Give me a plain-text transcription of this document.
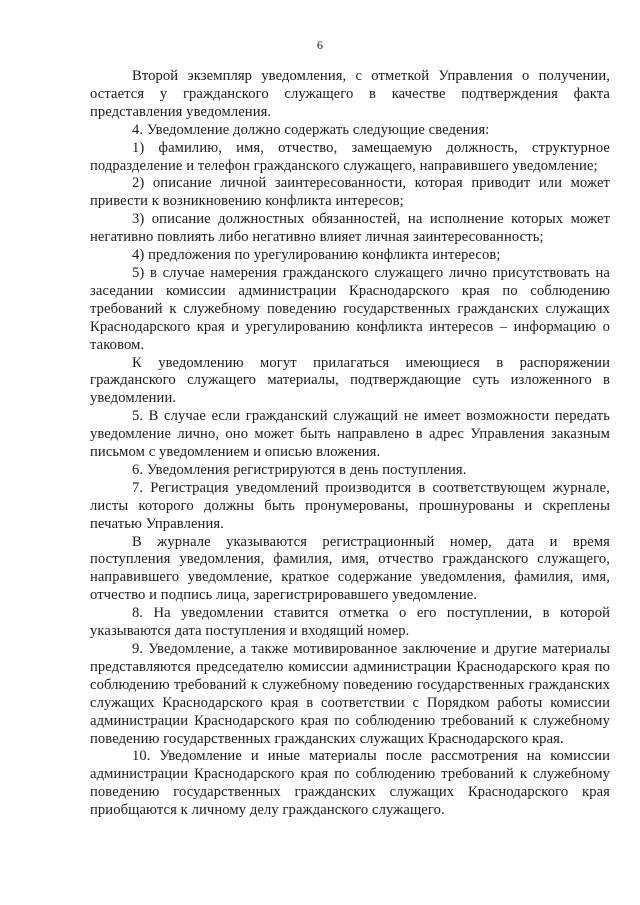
6

Второй экземпляр уведомления, с отметкой Управления о получении, остается у гражданского служащего в качестве подтверждения факта представления уведомления.

4. Уведомление должно содержать следующие сведения:

1) фамилию, имя, отчество, замещаемую должность, структурное подразделение и телефон гражданского служащего, направившего уведомление;

2) описание личной заинтересованности, которая приводит или может привести к возникновению конфликта интересов;

3) описание должностных обязанностей, на исполнение которых может негативно повлиять либо негативно влияет личная заинтересованность;

4) предложения по урегулированию конфликта интересов;

5) в случае намерения гражданского служащего лично присутствовать на заседании комиссии администрации Краснодарского края по соблюдению требований к служебному поведению государственных гражданских служащих Краснодарского края и урегулированию конфликта интересов – информацию о таковом.

К уведомлению могут прилагаться имеющиеся в распоряжении гражданского служащего материалы, подтверждающие суть изложенного в уведомлении.

5. В случае если гражданский служащий не имеет возможности передать уведомление лично, оно может быть направлено в адрес Управления заказным письмом с уведомлением и описью вложения.

6. Уведомления регистрируются в день поступления.

7. Регистрация уведомлений производится в соответствующем журнале, листы которого должны быть пронумерованы, прошнурованы и скреплены печатью Управления.

В журнале указываются регистрационный номер, дата и время поступления уведомления, фамилия, имя, отчество гражданского служащего, направившего уведомление, краткое содержание уведомления, фамилия, имя, отчество и подпись лица, зарегистрировавшего уведомление.

8. На уведомлении ставится отметка о его поступлении, в которой указываются дата поступления и входящий номер.

9. Уведомление, а также мотивированное заключение и другие материалы представляются председателю комиссии администрации Краснодарского края по соблюдению требований к служебному поведению государственных гражданских служащих Краснодарского края в соответствии с Порядком работы комиссии администрации Краснодарского края по соблюдению требований к служебному поведению государственных гражданских служащих Краснодарского края.

10. Уведомление и иные материалы после рассмотрения на комиссии администрации Краснодарского края по соблюдению требований к служебному поведению государственных гражданских служащих Краснодарского края приобщаются к личному делу гражданского служащего.
